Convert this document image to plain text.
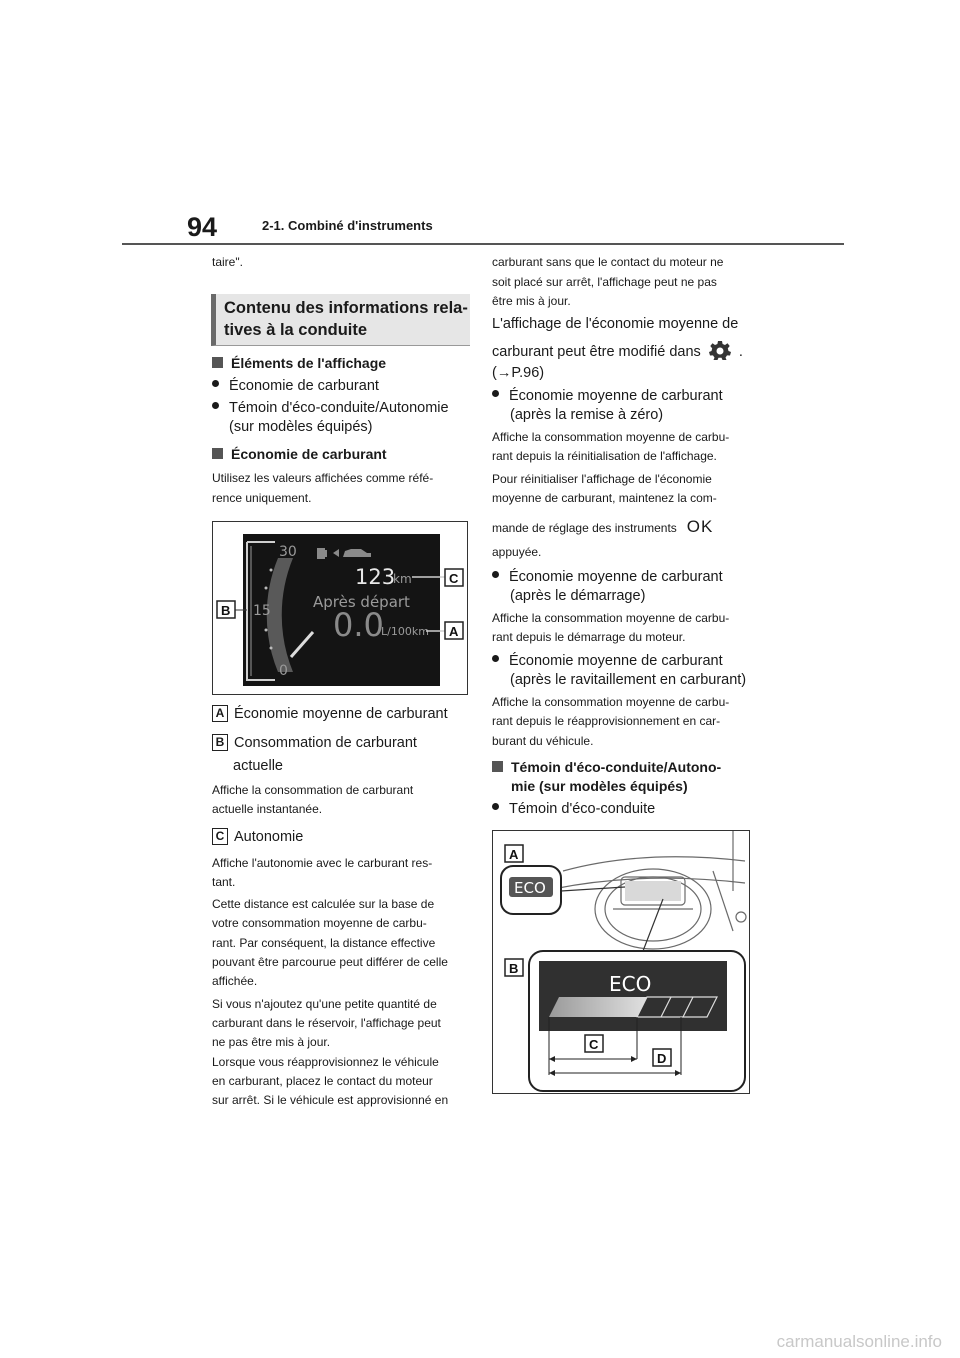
94	2-1. Combiné d'instruments
taire".
Contenu des informations rela-
tives à la conduite
Éléments de l'affichage
Économie de carburant
Témoin d'éco-conduite/Autonomie
(sur modèles équipés)
Économie de carburant
Utilisez les valeurs affichées comme réfé-
rence uniquement.
30
15
0
123
km
Après départ
0.0
L/100km
C
A
B
A Économie moyenne de carburant
B Consommation de carburant
actuelle
Affiche la consommation de carburant
actuelle instantanée.
C Autonomie
Affiche l'autonomie avec le carburant res-
tant.
Cette distance est calculée sur la base de
votre consommation moyenne de carbu-
rant. Par conséquent, la distance effective
pouvant être parcourue peut différer de celle
affichée.
Si vous n'ajoutez qu'une petite quantité de
carburant dans le réservoir, l'affichage peut
ne pas être mis à jour.
Lorsque vous réapprovisionnez le véhicule
en carburant, placez le contact du moteur
sur arrêt. Si le véhicule est approvisionné en
carburant sans que le contact du moteur ne
soit placé sur arrêt, l'affichage peut ne pas
être mis à jour.
L'affichage de l'économie moyenne de
carburant peut être modifié dans	.
(→P.96)
Économie moyenne de carburant
(après la remise à zéro)
Affiche la consommation moyenne de carbu-
rant depuis la réinitialisation de l'affichage.
Pour réinitialiser l'affichage de l'économie
moyenne de carburant, maintenez la com-
mande de réglage des instruments OK
appuyée.
Économie moyenne de carburant
(après le démarrage)
Affiche la consommation moyenne de carbu-
rant depuis le démarrage du moteur.
Économie moyenne de carburant
(après le ravitaillement en carburant)
Affiche la consommation moyenne de carbu-
rant depuis le réapprovisionnement en car-
burant du véhicule.
Témoin d'éco-conduite/Autono-
mie (sur modèles équipés)
Témoin d'éco-conduite
ECO
A
ECO
C
D
B
carmanualsonline.info
